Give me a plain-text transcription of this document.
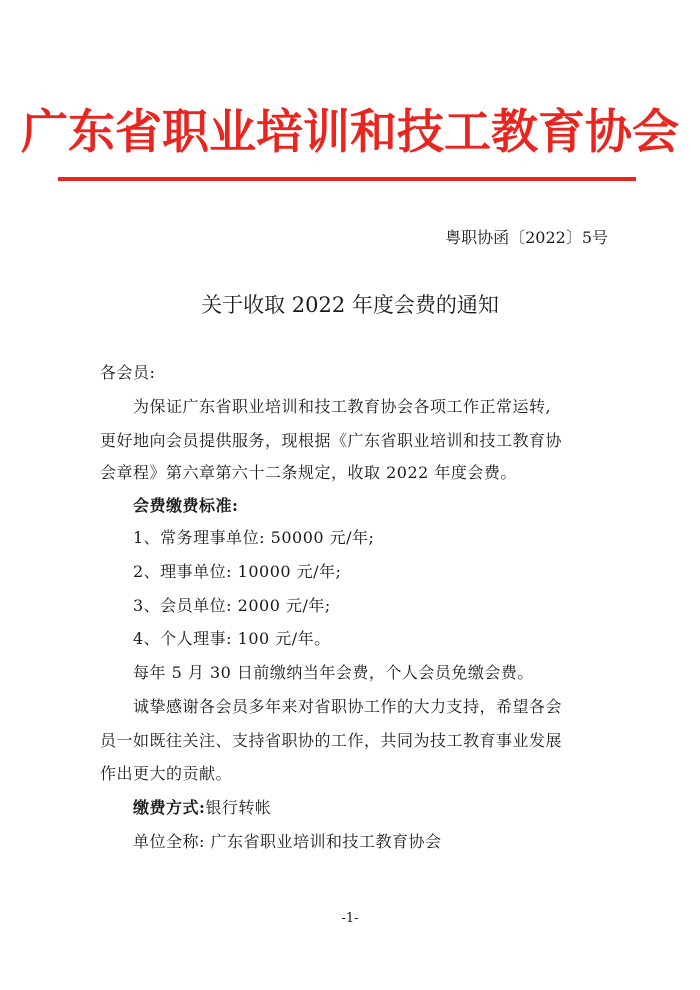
广东省职业培训和技工教育协会
粤职协函〔2022〕5号
关于收取 2022 年度会费的通知
各会员:
为保证广东省职业培训和技工教育协会各项工作正常运转,
更好地向会员提供服务，现根据《广东省职业培训和技工教育协
会章程》第六章第六十二条规定，收取 2022 年度会费。
会费缴费标准:
1、常务理事单位: 50000 元/年;
2、理事单位: 10000 元/年;
3、会员单位: 2000 元/年;
4、个人理事: 100 元/年。
每年 5 月 30 日前缴纳当年会费，个人会员免缴会费。
诚挚感谢各会员多年来对省职协工作的大力支持，希望各会
员一如既往关注、支持省职协的工作，共同为技工教育事业发展
作出更大的贡献。
缴费方式:银行转帐
单位全称: 广东省职业培训和技工教育协会
-1-
